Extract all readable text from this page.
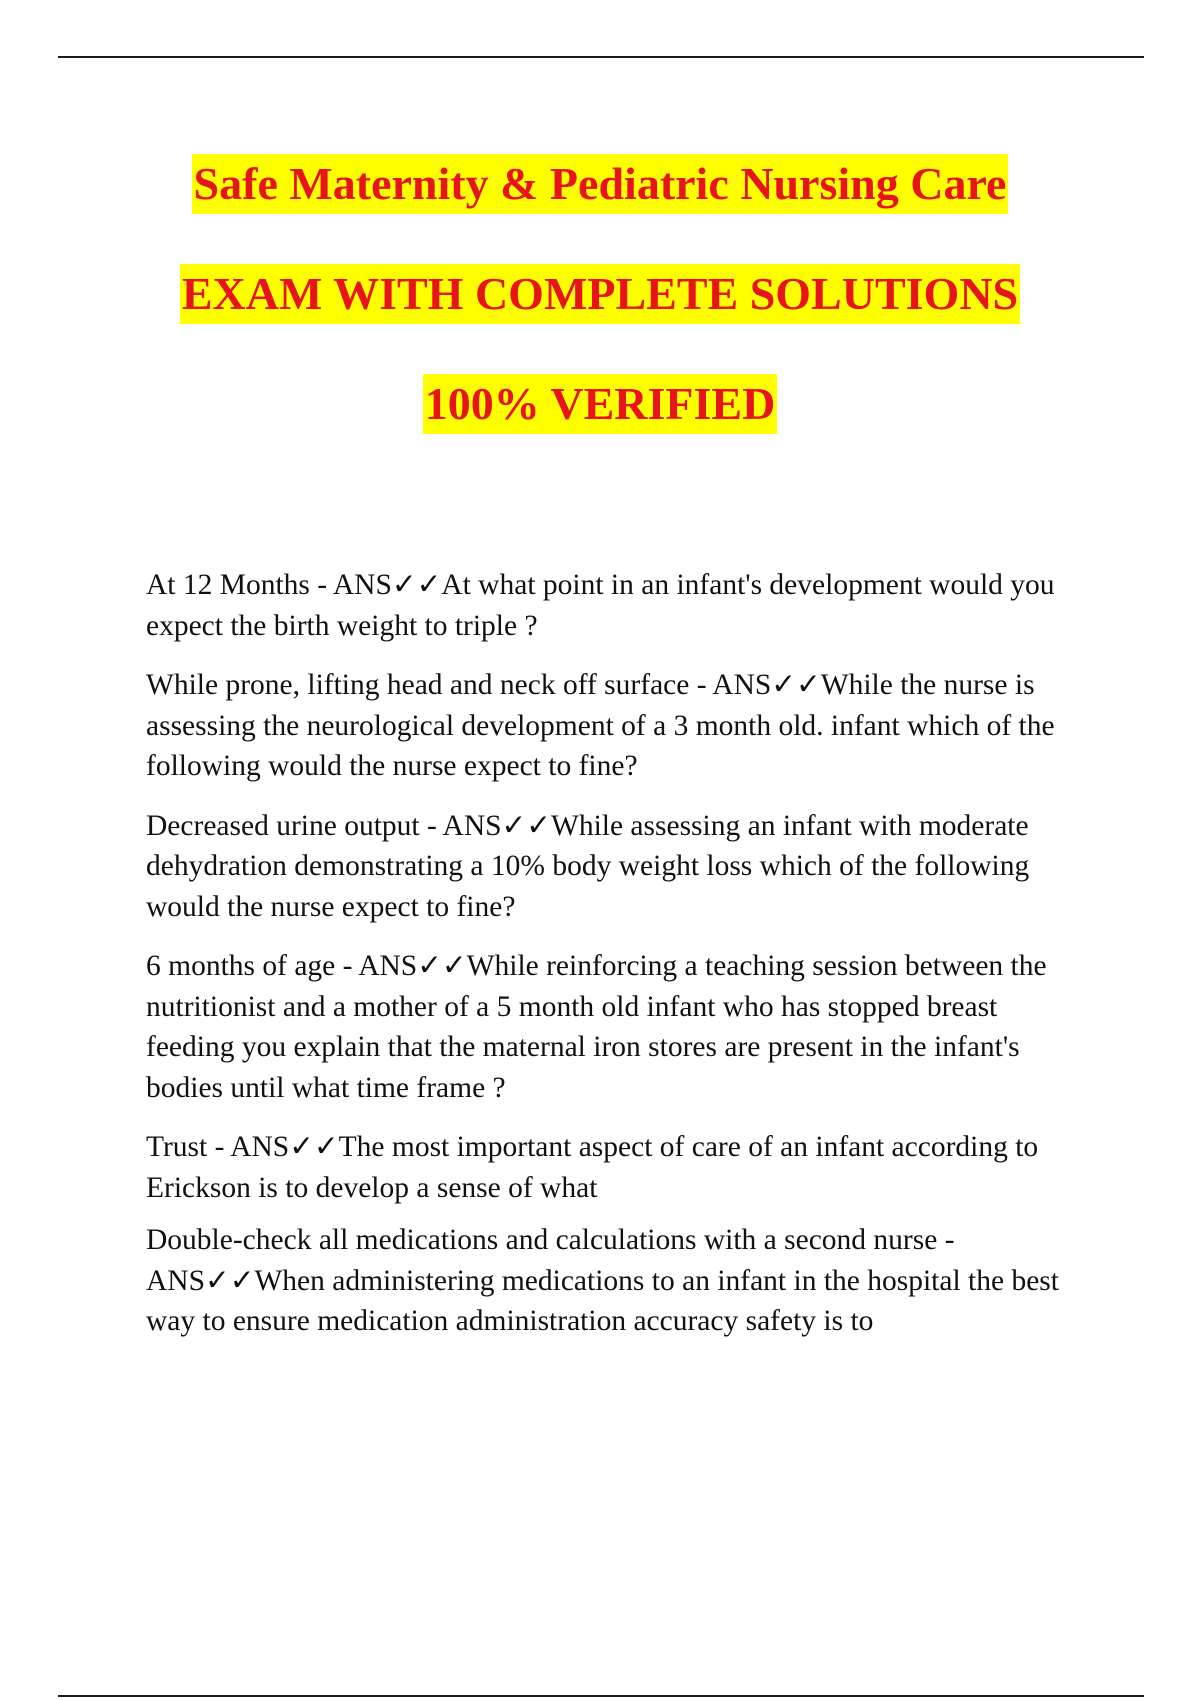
Safe Maternity & Pediatric Nursing Care

EXAM WITH COMPLETE SOLUTIONS

100% VERIFIED

At 12 Months - ANS✓✓At what point in an infant's development would you expect the birth weight to triple ?

While prone, lifting head and neck off surface - ANS✓✓While the nurse is assessing the neurological development of a 3 month old. infant which of the following would the nurse expect to fine?

Decreased urine output - ANS✓✓While assessing an infant with moderate dehydration demonstrating a 10% body weight loss which of the following would the nurse expect to fine?

6 months of age - ANS✓✓While reinforcing a teaching session between the nutritionist and a mother of a 5 month old infant who has stopped breast feeding you explain that the maternal iron stores are present in the infant's bodies until what time frame ?

Trust - ANS✓✓The most important aspect of care of an infant according to Erickson is to develop a sense of what

Double-check all medications and calculations with a second nurse - ANS✓✓When administering medications to an infant in the hospital the best way to ensure medication administration accuracy safety is to
